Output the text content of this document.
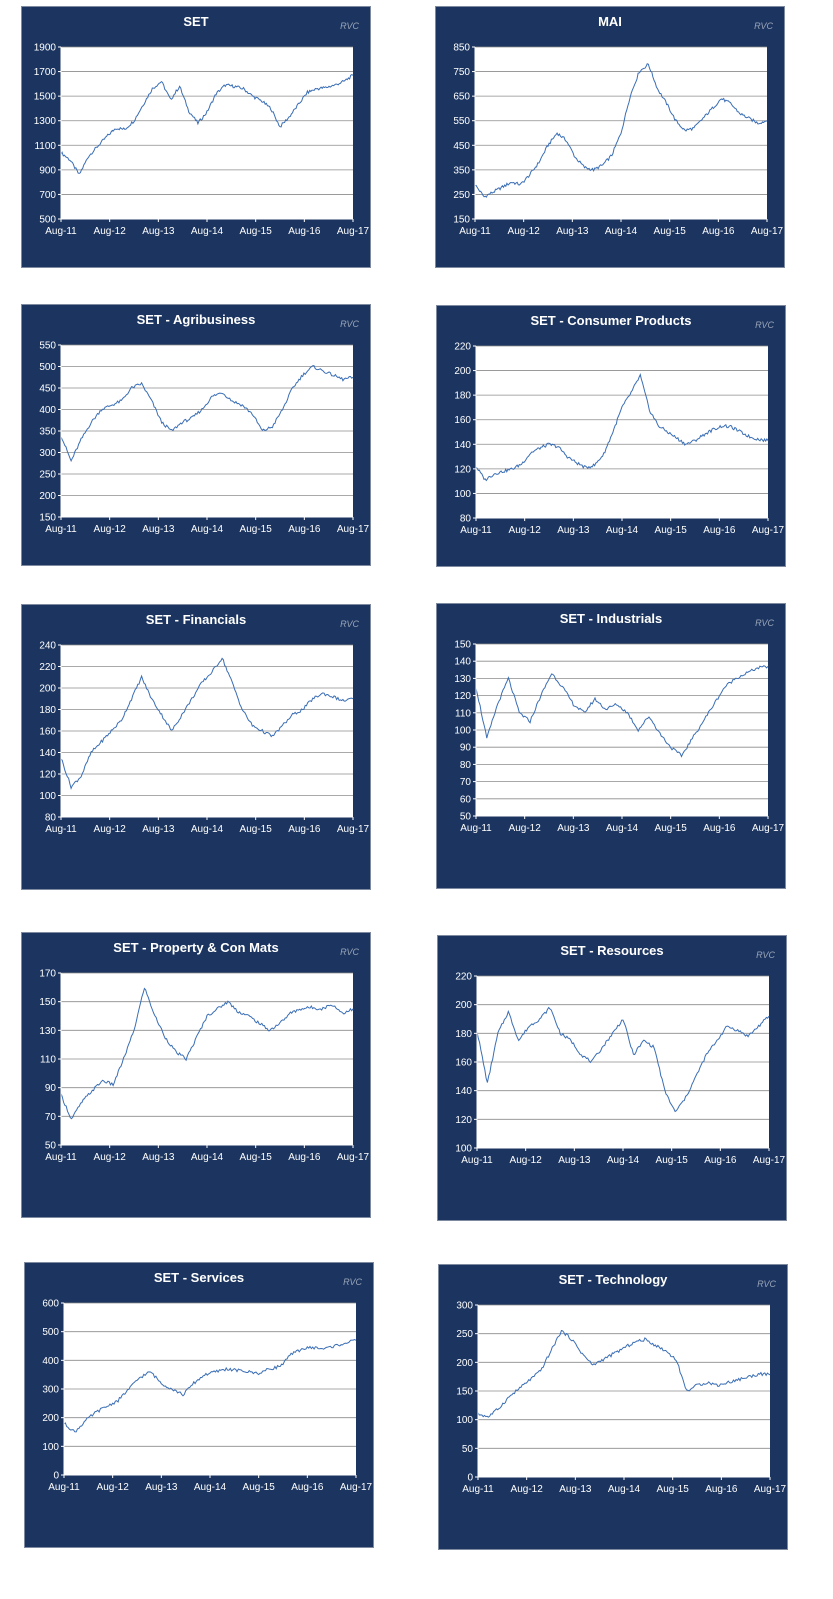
500
700
900
1100
1300
1500
1700
1900
Aug-11 Aug-12 Aug-13 Aug-14 Aug-15 Aug-16 Aug-17
SET	RVC
150
250
350
450
550
650
750
850
Aug-11 Aug-12 Aug-13 Aug-14 Aug-15 Aug-16 Aug-17
MAI	RVC
150
200
250
300
350
400
450
500
550
Aug-11 Aug-12 Aug-13 Aug-14 Aug-15 Aug-16 Aug-17
SET - Agribusiness	RVC
80
100
120
140
160
180
200
220
Aug-11 Aug-12 Aug-13 Aug-14 Aug-15 Aug-16 Aug-17
SET - Consumer Products	RVC
80
100
120
140
160
180
200
220
240
Aug-11 Aug-12 Aug-13 Aug-14 Aug-15 Aug-16 Aug-17
SET - Financials	RVC
50
60
70
80
90
100
110
120
130
140
150
Aug-11 Aug-12 Aug-13 Aug-14 Aug-15 Aug-16 Aug-17
SET - Industrials	RVC
50
70
90
110
130
150
170
Aug-11 Aug-12 Aug-13 Aug-14 Aug-15 Aug-16 Aug-17
SET - Property & Con Mats	RVC
100
120
140
160
180
200
220
Aug-11 Aug-12 Aug-13 Aug-14 Aug-15 Aug-16 Aug-17
SET - Resources	RVC
0
100
200
300
400
500
600
Aug-11 Aug-12 Aug-13 Aug-14 Aug-15 Aug-16 Aug-17
SET - Services	RVC
0
50
100
150
200
250
300
Aug-11 Aug-12 Aug-13 Aug-14 Aug-15 Aug-16 Aug-17
SET - Technology	RVC
